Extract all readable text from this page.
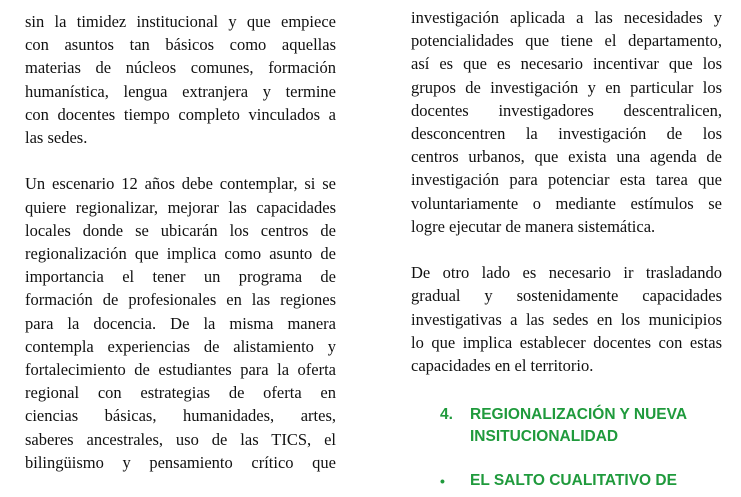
sin la timidez institucional y que empiece
con asuntos tan básicos como aquellas
materias de núcleos comunes, formación
humanística, lengua extranjera y termine
con docentes tiempo completo vinculados a
las sedes.

Un escenario 12 años debe contemplar, si se
quiere regionalizar, mejorar las capacidades
locales donde se ubicarán los centros de
regionalización que implica como asunto de
importancia el tener un programa de
formación de profesionales en las regiones
para la docencia. De la misma manera
contempla experiencias de alistamiento y
fortalecimiento de estudiantes para la oferta
regional con estrategias de oferta en
ciencias básicas, humanidades, artes,
saberes ancestrales, uso de las TICS, el
bilingüismo y pensamiento crítico que

investigación aplicada a las necesidades y
potencialidades que tiene el departamento,
así es que es necesario incentivar que los
grupos de investigación y en particular los
docentes investigadores descentralicen,
desconcentren la investigación de los
centros urbanos, que exista una agenda de
investigación para potenciar esta tarea que
voluntariamente o mediante estímulos se
logre ejecutar de manera sistemática.

De otro lado es necesario ir trasladando
gradual y sostenidamente capacidades
investigativas a las sedes en los municipios
lo que implica establecer docentes con estas
capacidades en el territorio.

4.	REGIONALIZACIÓN Y NUEVA INSITUCIONALIDAD
•	EL SALTO CUALITATIVO DE
